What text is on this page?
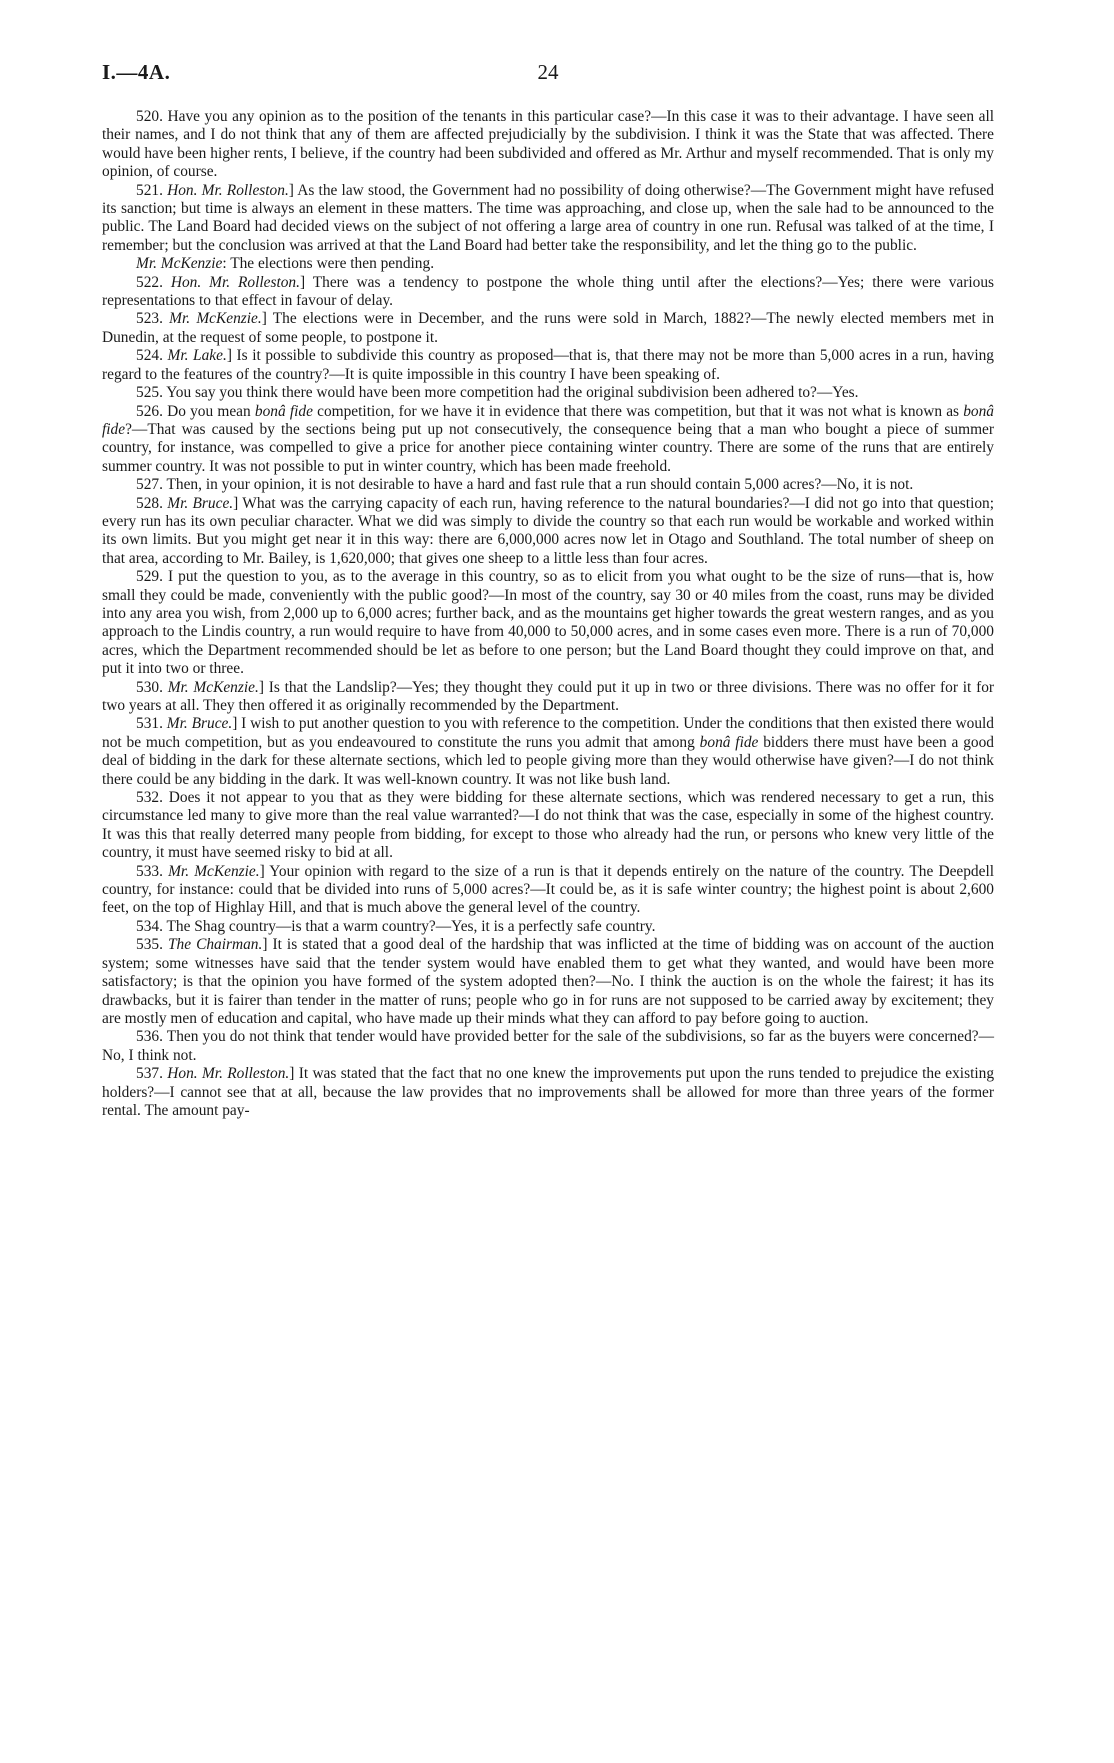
I.—4A.	24

520. Have you any opinion as to the position of the tenants in this particular case?—In this case it was to their advantage. I have seen all their names, and I do not think that any of them are affected prejudicially by the subdivision. I think it was the State that was affected. There would have been higher rents, I believe, if the country had been subdivided and offered as Mr. Arthur and myself recommended. That is only my opinion, of course.

521. Hon. Mr. Rolleston.] As the law stood, the Government had no possibility of doing otherwise?—The Government might have refused its sanction; but time is always an element in these matters. The time was approaching, and close up, when the sale had to be announced to the public. The Land Board had decided views on the subject of not offering a large area of country in one run. Refusal was talked of at the time, I remember; but the conclusion was arrived at that the Land Board had better take the responsibility, and let the thing go to the public.

Mr. McKenzie: The elections were then pending.

522. Hon. Mr. Rolleston.] There was a tendency to postpone the whole thing until after the elections?—Yes; there were various representations to that effect in favour of delay.

523. Mr. McKenzie.] The elections were in December, and the runs were sold in March, 1882?—The newly elected members met in Dunedin, at the request of some people, to postpone it.

524. Mr. Lake.] Is it possible to subdivide this country as proposed—that is, that there may not be more than 5,000 acres in a run, having regard to the features of the country?—It is quite impossible in this country I have been speaking of.

525. You say you think there would have been more competition had the original subdivision been adhered to?—Yes.

526. Do you mean bonâ fide competition, for we have it in evidence that there was competition, but that it was not what is known as bonâ fide?—That was caused by the sections being put up not consecutively, the consequence being that a man who bought a piece of summer country, for instance, was compelled to give a price for another piece containing winter country. There are some of the runs that are entirely summer country. It was not possible to put in winter country, which has been made freehold.

527. Then, in your opinion, it is not desirable to have a hard and fast rule that a run should contain 5,000 acres?—No, it is not.

528. Mr. Bruce.] What was the carrying capacity of each run, having reference to the natural boundaries?—I did not go into that question; every run has its own peculiar character. What we did was simply to divide the country so that each run would be workable and worked within its own limits. But you might get near it in this way: there are 6,000,000 acres now let in Otago and Southland. The total number of sheep on that area, according to Mr. Bailey, is 1,620,000; that gives one sheep to a little less than four acres.

529. I put the question to you, as to the average in this country, so as to elicit from you what ought to be the size of runs—that is, how small they could be made, conveniently with the public good?—In most of the country, say 30 or 40 miles from the coast, runs may be divided into any area you wish, from 2,000 up to 6,000 acres; further back, and as the mountains get higher towards the great western ranges, and as you approach to the Lindis country, a run would require to have from 40,000 to 50,000 acres, and in some cases even more. There is a run of 70,000 acres, which the Department recommended should be let as before to one person; but the Land Board thought they could improve on that, and put it into two or three.

530. Mr. McKenzie.] Is that the Landslip?—Yes; they thought they could put it up in two or three divisions. There was no offer for it for two years at all. They then offered it as originally recommended by the Department.

531. Mr. Bruce.] I wish to put another question to you with reference to the competition. Under the conditions that then existed there would not be much competition, but as you endeavoured to constitute the runs you admit that among bonâ fide bidders there must have been a good deal of bidding in the dark for these alternate sections, which led to people giving more than they would otherwise have given?—I do not think there could be any bidding in the dark. It was well-known country. It was not like bush land.

532. Does it not appear to you that as they were bidding for these alternate sections, which was rendered necessary to get a run, this circumstance led many to give more than the real value warranted?—I do not think that was the case, especially in some of the highest country. It was this that really deterred many people from bidding, for except to those who already had the run, or persons who knew very little of the country, it must have seemed risky to bid at all.

533. Mr. McKenzie.] Your opinion with regard to the size of a run is that it depends entirely on the nature of the country. The Deepdell country, for instance: could that be divided into runs of 5,000 acres?—It could be, as it is safe winter country; the highest point is about 2,600 feet, on the top of Highlay Hill, and that is much above the general level of the country.

534. The Shag country—is that a warm country?—Yes, it is a perfectly safe country.

535. The Chairman.] It is stated that a good deal of the hardship that was inflicted at the time of bidding was on account of the auction system; some witnesses have said that the tender system would have enabled them to get what they wanted, and would have been more satisfactory; is that the opinion you have formed of the system adopted then?—No. I think the auction is on the whole the fairest; it has its drawbacks, but it is fairer than tender in the matter of runs; people who go in for runs are not supposed to be carried away by excitement; they are mostly men of education and capital, who have made up their minds what they can afford to pay before going to auction.

536. Then you do not think that tender would have provided better for the sale of the subdivisions, so far as the buyers were concerned?—No, I think not.

537. Hon. Mr. Rolleston.] It was stated that the fact that no one knew the improvements put upon the runs tended to prejudice the existing holders?—I cannot see that at all, because the law provides that no improvements shall be allowed for more than three years of the former rental. The amount pay-
